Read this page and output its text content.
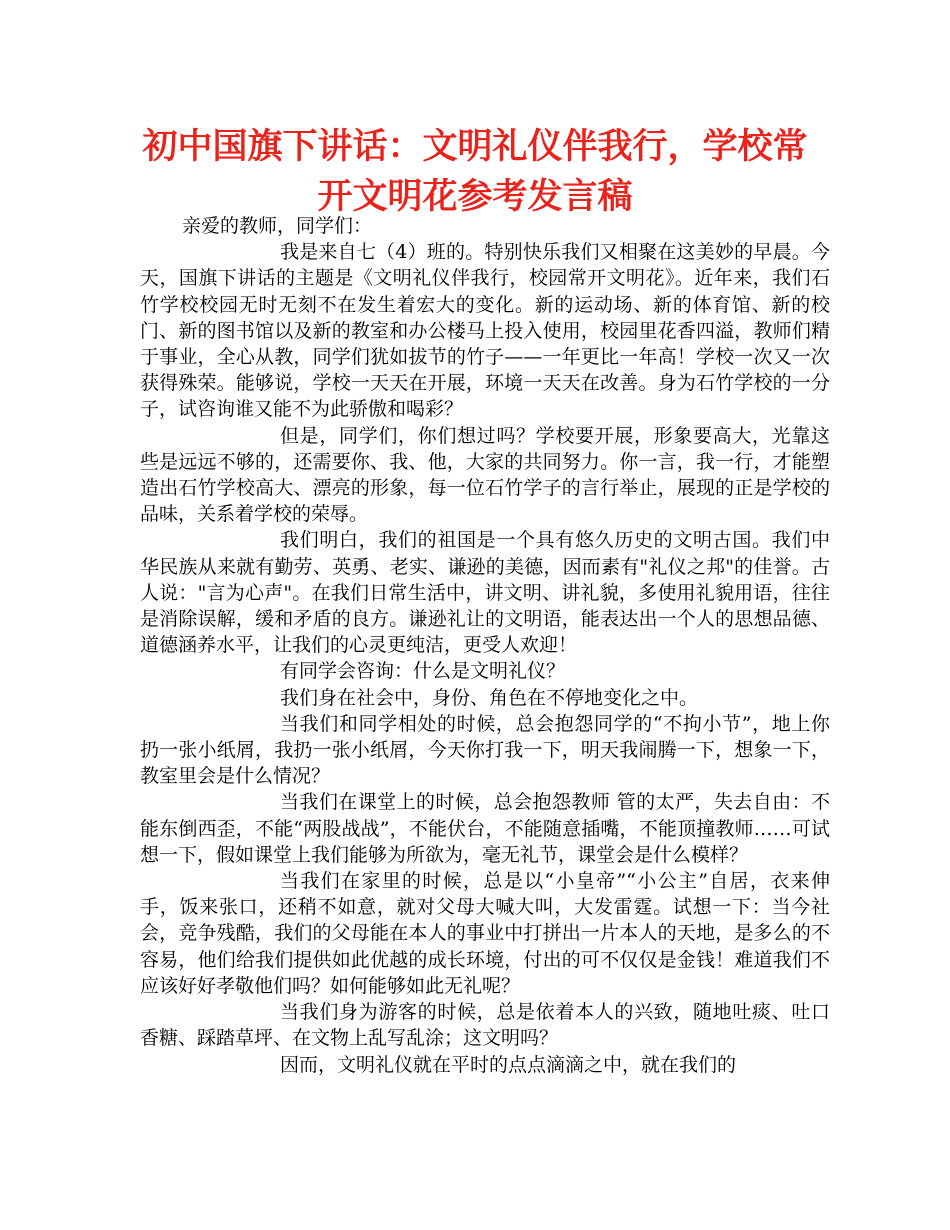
初中国旗下讲话：文明礼仪伴我行，学校常开文明花参考发言稿

亲爱的教师，同学们：

我是来自七（4）班的。特别快乐我们又相聚在这美妙的早晨。今天，国旗下讲话的主题是《文明礼仪伴我行，校园常开文明花》。近年来，我们石竹学校校园无时无刻不在发生着宏大的变化。新的运动场、新的体育馆、新的校门、新的图书馆以及新的教室和办公楼马上投入使用，校园里花香四溢，教师们精于事业，全心从教，同学们犹如拔节的竹子——一年更比一年高！学校一次又一次获得殊荣。能够说，学校一天天在开展，环境一天天在改善。身为石竹学校的一分子，试咨询谁又能不为此骄傲和喝彩？

但是，同学们，你们想过吗？学校要开展，形象要高大，光靠这些是远远不够的，还需要你、我、他，大家的共同努力。你一言，我一行，才能塑造出石竹学校高大、漂亮的形象，每一位石竹学子的言行举止，展现的正是学校的品味，关系着学校的荣辱。

我们明白，我们的祖国是一个具有悠久历史的文明古国。我们中华民族从来就有勤劳、英勇、老实、谦逊的美德，因而素有"礼仪之邦"的佳誉。古人说："言为心声"。在我们日常生活中，讲文明、讲礼貌，多使用礼貌用语，往往是消除误解，缓和矛盾的良方。谦逊礼让的文明语，能表达出一个人的思想品德、道德涵养水平，让我们的心灵更纯洁，更受人欢迎！

有同学会咨询：什么是文明礼仪？

我们身在社会中，身份、角色在不停地变化之中。

当我们和同学相处的时候，总会抱怨同学的“不拘小节”，地上你扔一张小纸屑，我扔一张小纸屑，今天你打我一下，明天我闹腾一下，想象一下，教室里会是什么情况？

当我们在课堂上的时候，总会抱怨教师 管的太严，失去自由：不能东倒西歪，不能“两股战战”，不能伏台，不能随意插嘴，不能顶撞教师……可试想一下，假如课堂上我们能够为所欲为，毫无礼节，课堂会是什么模样？

当我们在家里的时候，总是以“小皇帝”“小公主”自居，衣来伸手，饭来张口，还稍不如意，就对父母大喊大叫，大发雷霆。试想一下：当今社会，竞争残酷，我们的父母能在本人的事业中打拼出一片本人的天地，是多么的不容易，他们给我们提供如此优越的成长环境，付出的可不仅仅是金钱！难道我们不应该好好孝敬他们吗？如何能够如此无礼呢？

当我们身为游客的时候，总是依着本人的兴致，随地吐痰、吐口香糖、踩踏草坪、在文物上乱写乱涂；这文明吗？

因而，文明礼仪就在平时的点点滴滴之中，就在我们的
